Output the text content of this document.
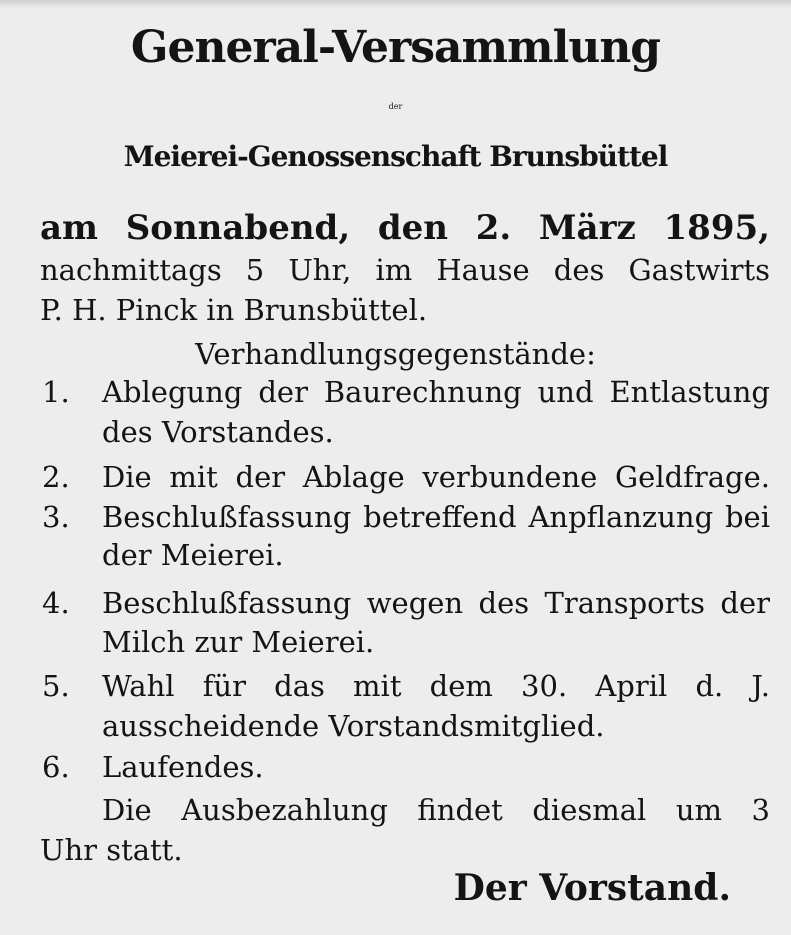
General-Versammlung
der
Meierei-Genossenschaft Brunsbüttel
am Sonnabend, den 2. März 1895,
nachmittags 5 Uhr, im Hause des Gastwirts
P. H. Pinck in Brunsbüttel.
Verhandlungsgegenstände:
1. Ablegung der Baurechnung und Entlastung
des Vorstandes.
2. Die mit der Ablage verbundene Geldfrage.
3. Beschlußfassung betreffend Anpflanzung bei
der Meierei.
4. Beschlußfassung wegen des Transports der
Milch zur Meierei.
5. Wahl für das mit dem 30. April d. J.
ausscheidende Vorstandsmitglied.
6. Laufendes.
Die Ausbezahlung findet diesmal um 3
Uhr statt.
Der Vorstand.
